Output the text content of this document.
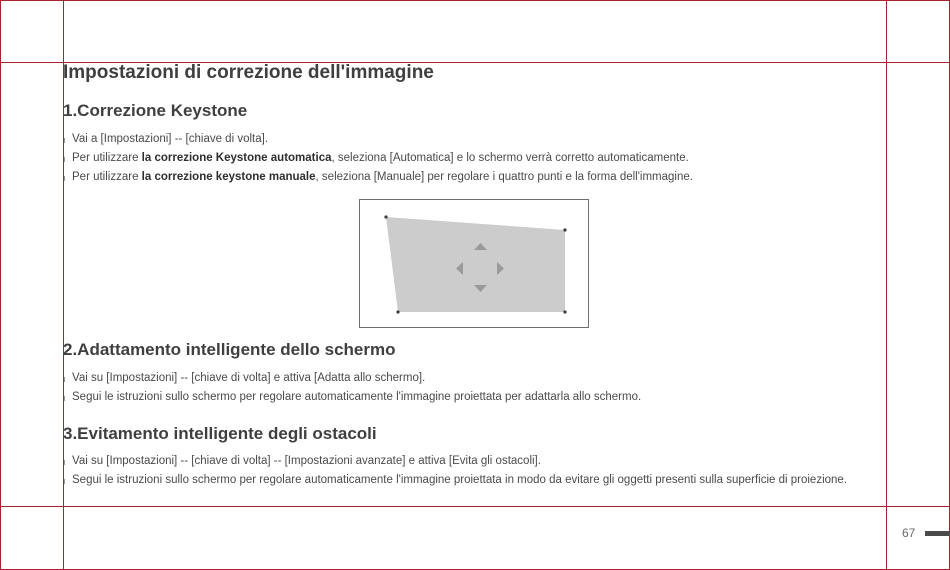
Impostazioni di correzione dell'immagine
1.Correzione Keystone
Vai a [Impostazioni] -- [chiave di volta].
Per utilizzare la correzione Keystone automatica, seleziona [Automatica] e lo schermo verrà corretto automaticamente.
Per utilizzare la correzione keystone manuale, seleziona [Manuale] per regolare i quattro punti e la forma dell'immagine.
2.Adattamento intelligente dello schermo
Vai su [Impostazioni] -- [chiave di volta] e attiva [Adatta allo schermo].
Segui le istruzioni sullo schermo per regolare automaticamente l'immagine proiettata per adattarla allo schermo.
3.Evitamento intelligente degli ostacoli
Vai su [Impostazioni] -- [chiave di volta] -- [Impostazioni avanzate] e attiva [Evita gli ostacoli].
Segui le istruzioni sullo schermo per regolare automaticamente l'immagine proiettata in modo da evitare gli oggetti presenti sulla superficie di proiezione.
67
